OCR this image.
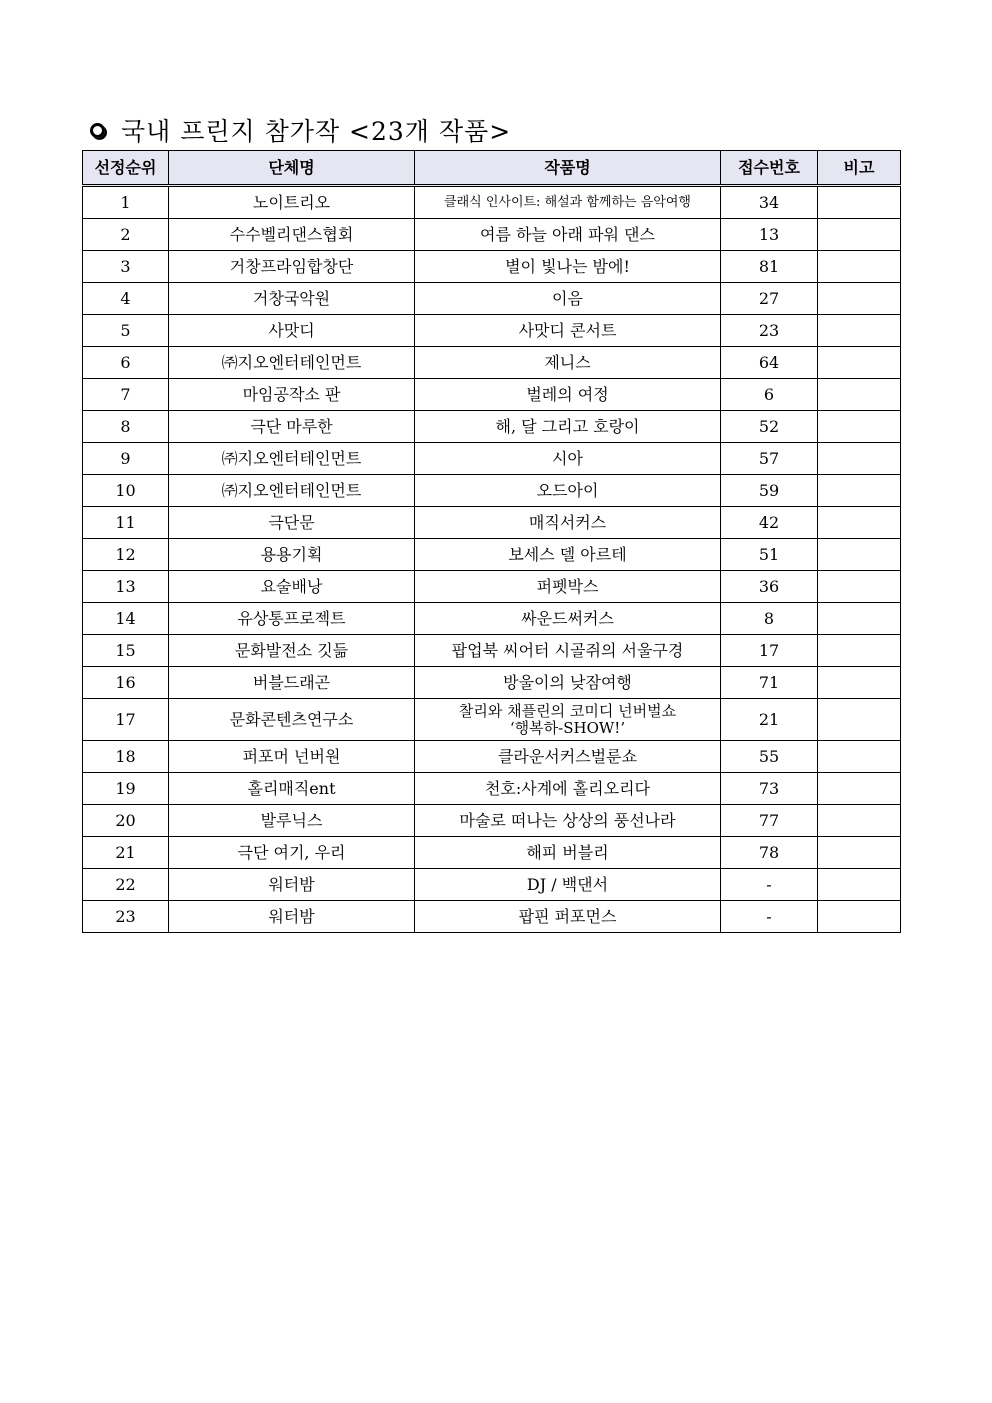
국내 프린지 참가작 <23개 작품>
선정순위	단체명	작품명	접수번호	비고
1	노이트리오	클래식 인사이트: 해설과 함께하는 음악여행	34	
2	수수벨리댄스협회	여름 하늘 아래 파워 댄스	13	
3	거창프라임합창단	별이 빛나는 밤에!	81	
4	거창국악원	이음	27	
5	사맛디	사맛디 콘서트	23	
6	㈜지오엔터테인먼트	제니스	64	
7	마임공작소 판	벌레의 여정	6	
8	극단 마루한	해, 달 그리고 호랑이	52	
9	㈜지오엔터테인먼트	시아	57	
10	㈜지오엔터테인먼트	오드아이	59	
11	극단문	매직서커스	42	
12	용용기획	보세스 델 아르테	51	
13	요술배낭	퍼펫박스	36	
14	유상통프로젝트	싸운드써커스	8	
15	문화발전소 깃듦	팝업북 씨어터 시골쥐의 서울구경	17	
16	버블드래곤	방울이의 낮잠여행	71	
17	문화콘텐츠연구소	찰리와 채플린의 코미디 넌버벌쇼
‘행복하-SHOW!’	21	
18	퍼포머 넌버원	클라운서커스벌룬쇼	55	
19	홀리매직ent	천호:사계에 홀리오리다	73	
20	발루닉스	마술로 떠나는 상상의 풍선나라	77	
21	극단 여기, 우리	해피 버블리	78	
22	워터밤	DJ / 백댄서	-	
23	워터밤	팝핀 퍼포먼스	-	
